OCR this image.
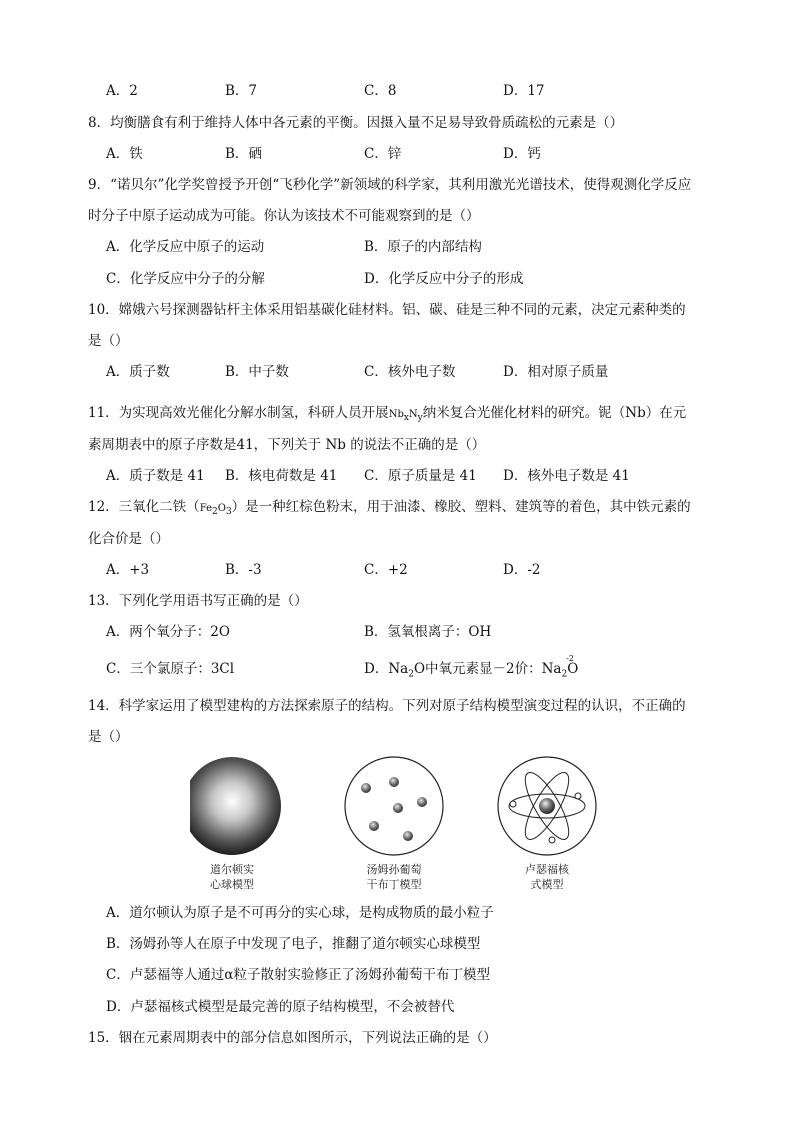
A．2	B．7	C．8	D．17
8．均衡膳食有利于维持人体中各元素的平衡。因摄入量不足易导致骨质疏松的元素是（）
A．铁	B．硒	C．锌	D．钙
9．“诺贝尔”化学奖曾授予开创“飞秒化学”新领域的科学家，其利用激光光谱技术，使得观测化学反应
时分子中原子运动成为可能。你认为该技术不可能观察到的是（）
A．化学反应中原子的运动	B．原子的内部结构
C．化学反应中分子的分解	D．化学反应中分子的形成
10．嫦娥六号探测器钻杆主体采用铝基碳化硅材料。铝、碳、硅是三种不同的元素，决定元素种类的
是（）
A．质子数	B．中子数	C．核外电子数	D．相对原子质量
11．为实现高效光催化分解水制氢，科研人员开展$Nb_xN_y$纳米复合光催化材料的研究。铌（Nb）在元
素周期表中的原子序数是41，下列关于 Nb 的说法不正确的是（）
A．质子数是 41 B．核电荷数是 41 C．原子质量是 41 D．核外电子数是 41
12．三氧化二铁$(Fe_2O_3)$是一种红棕色粉末，用于油漆、橡胶、塑料、建筑等的着色，其中铁元素的
化合价是（）
A．+3	B．-3	C．+2	D．-2
13．下列化学用语书写正确的是（）
A．两个氧分子：2O	B．氢氧根离子：OH
C．三个氯原子：3Cl	D．$Na_2O$中氧元素显－2价：$Na_2$
-2
O
14．科学家运用了模型建构的方法探索原子的结构。下列对原子结构模型演变过程的认识，不正确的
是（）
道尔顿实
心球模型
汤姆孙葡萄
干布丁模型
卢瑟福核
式模型
A．道尔顿认为原子是不可再分的实心球，是构成物质的最小粒子
B．汤姆孙等人在原子中发现了电子，推翻了道尔顿实心球模型
C．卢瑟福等人通过α粒子散射实验修正了汤姆孙葡萄干布丁模型
D．卢瑟福核式模型是最完善的原子结构模型，不会被替代
15．铟在元素周期表中的部分信息如图所示，下列说法正确的是（）
